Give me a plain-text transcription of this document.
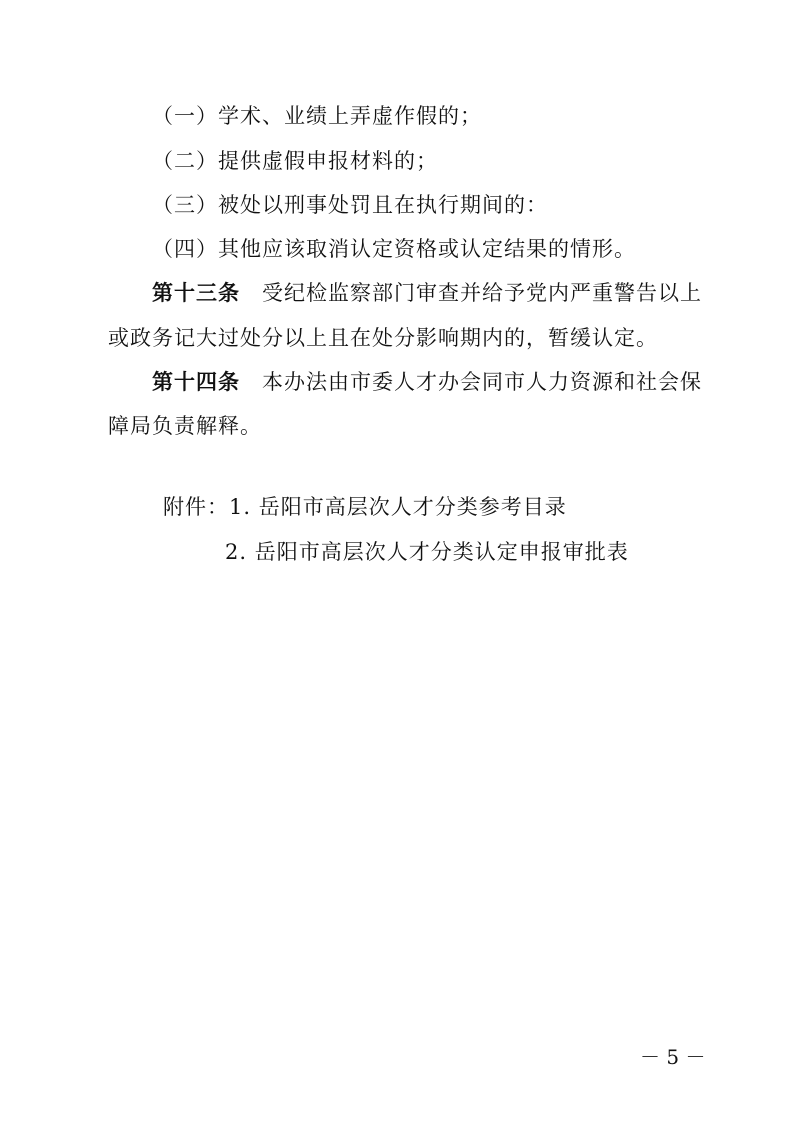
（一）学术、业绩上弄虚作假的；
（二）提供虚假申报材料的；
（三）被处以刑事处罚且在执行期间的：
（四）其他应该取消认定资格或认定结果的情形。
第十三条 受纪检监察部门审查并给予党内严重警告以上
或政务记大过处分以上且在处分影响期内的，暂缓认定。
第十四条 本办法由市委人才办会同市人力资源和社会保
障局负责解释。
附件：1. 岳阳市高层次人才分类参考目录
2. 岳阳市高层次人才分类认定申报审批表
－ 5 －
